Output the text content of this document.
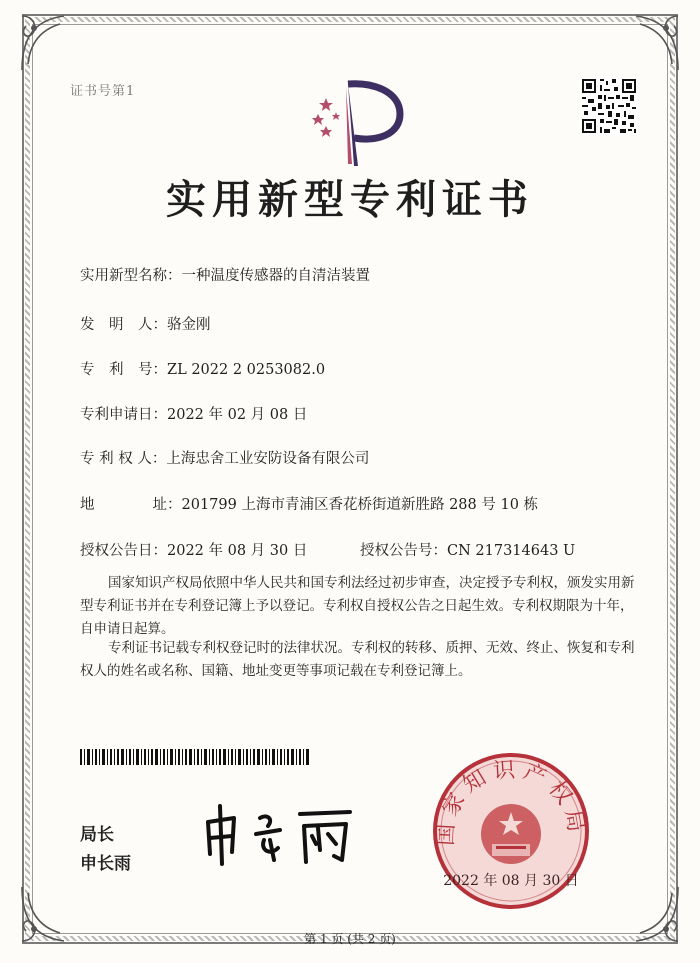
证书号第1
实用新型专利证书
实用新型名称：一种温度传感器的自清洁装置
发　明　人：骆金刚
专　利　号：ZL 2022 2 0253082.0
专利申请日：2022 年 02 月 08 日
专 利 权 人：上海忠舍工业安防设备有限公司
地　　　　址：201799 上海市青浦区香花桥街道新胜路 288 号 10 栋
授权公告日：2022 年 08 月 30 日	授权公告号：CN 217314643 U
国家知识产权局依照中华人民共和国专利法经过初步审查，决定授予专利权，颁发实用新型专利证书并在专利登记簿上予以登记。专利权自授权公告之日起生效。专利权期限为十年，自申请日起算。
专利证书记载专利权登记时的法律状况。专利权的转移、质押、无效、终止、恢复和专利权人的姓名或名称、国籍、地址变更等事项记载在专利登记簿上。
局长
申长雨
国家知识产权局
2022 年 08 月 30 日
第 1 页 (共 2 页)
